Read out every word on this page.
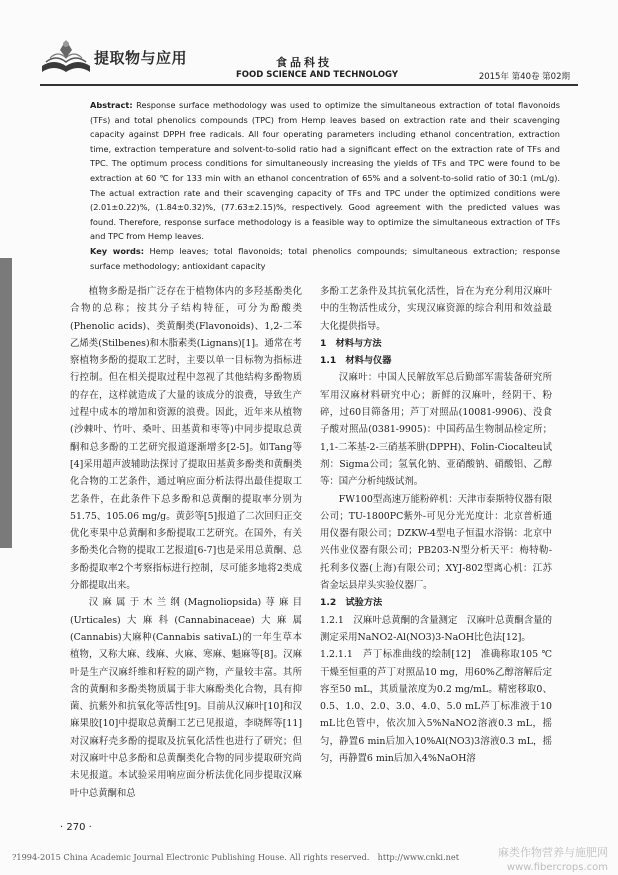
提取物与应用	食品科技
FOOD SCIENCE AND TECHNOLOGY	2015年 第40卷 第02期

Abstract: Response surface methodology was used to optimize the simultaneous extraction of total flavonoids (TFs) and total phenolics compounds (TPC) from Hemp leaves based on extraction rate and their scavenging capacity against DPPH free radicals. All four operating parameters including ethanol concentration, extraction time, extraction temperature and solvent-to-solid ratio had a significant effect on the extraction rate of TFs and TPC. The optimum process conditions for simultaneously increasing the yields of TFs and TPC were found to be extraction at 60 ℃ for 133 min with an ethanol concentration of 65% and a solvent-to-solid ratio of 30:1 (mL/g). The actual extraction rate and their scavenging capacity of TFs and TPC under the optimized conditions were (2.01±0.22)%, (1.84±0.32)%, (77.63±2.15)%, respectively. Good agreement with the predicted values was found. Therefore, response surface methodology is a feasible way to optimize the simultaneous extraction of TFs and TPC from Hemp leaves.

Key words: Hemp leaves; total flavonoids; total phenolics compounds; simultaneous extraction; response surface methodology; antioxidant capacity

植物多酚是指广泛存在于植物体内的多羟基酚类化合物的总称；按其分子结构特征，可分为酚酸类(Phenolic acids)、类黄酮类(Flavonoids)、1,2-二苯乙烯类(Stilbenes)和木脂素类(Lignans)[1]。通常在考察植物多酚的提取工艺时，主要以单一目标物为指标进行控制。但在相关提取过程中忽视了其他结构多酚物质的存在，这样就造成了大量的该成分的浪费，导致生产过程中成本的增加和资源的浪费。因此，近年来从植物(沙棘叶、竹叶、桑叶、田基黄和枣等)中同步提取总黄酮和总多酚的工艺研究报道逐渐增多[2-5]。如Tang等[4]采用超声波辅助法探讨了提取田基黄多酚类和黄酮类化合物的工艺条件，通过响应面分析法得出最佳提取工艺条件，在此条件下总多酚和总黄酮的提取率分别为51.75、105.06 mg/g。黄彭等[5]报道了二次回归正交优化枣果中总黄酮和多酚提取工艺研究。在国外，有关多酚类化合物的提取工艺报道[6-7]也是采用总黄酮、总多酚提取率2个考察指标进行控制，尽可能多地将2类成分都提取出来。

汉麻属于木兰纲(Magnoliopsida)荨麻目(Urticales)大麻科(Cannabinaceae)大麻属(Cannabis)大麻种(Cannabis sativaL)的一年生草本植物，又称大麻、线麻、火麻、寒麻、魁麻等[8]。汉麻叶是生产汉麻纤维和籽粒的副产物，产量较丰富。其所含的黄酮和多酚类物质属于非大麻酚类化合物，具有抑菌、抗紫外和抗氧化等活性[9]。目前从汉麻叶[10]和汉麻果胶[10]中提取总黄酮工艺已见报道，李晓辉等[11]对汉麻籽壳多酚的提取及抗氧化活性也进行了研究；但对汉麻叶中总多酚和总黄酮类化合物的同步提取研究尚未见报道。本试验采用响应面分析法优化同步提取汉麻叶中总黄酮和总

多酚工艺条件及其抗氧化活性，旨在为充分利用汉麻叶中的生物活性成分，实现汉麻资源的综合利用和效益最大化提供指导。

1　材料与方法

1.1　材料与仪器

汉麻叶：中国人民解放军总后勤部军需装备研究所军用汉麻材料研究中心；新鲜的汉麻叶，经阴干、粉碎，过60目筛备用；芦丁对照品(10081-9906)、没食子酸对照品(0381-9905)：中国药品生物制品检定所；1,1-二苯基-2-三硝基苯肼(DPPH)、Folin-Ciocalteu试剂：Sigma公司；氢氧化钠、亚硝酸钠、硝酸铝、乙醇等：国产分析纯级试剂。

FW100型高速万能粉碎机：天津市泰斯特仪器有限公司；TU-1800PC紫外-可见分光光度计：北京普析通用仪器有限公司；DZKW-4型电子恒温水浴锅：北京中兴伟业仪器有限公司；PB203-N型分析天平：梅特勒-托利多仪器(上海)有限公司；XYJ-802型离心机：江苏省金坛县岸头实验仪器厂。

1.2　试验方法

1.2.1　汉麻叶总黄酮的含量测定　汉麻叶总黄酮含量的测定采用NaNO2-Al(NO3)3-NaOH比色法[12]。

1.2.1.1　芦丁标准曲线的绘制[12]　准确称取105 ℃干燥至恒重的芦丁对照品10 mg，用60%乙醇溶解后定容至50 mL，其质量浓度为0.2 mg/mL。精密移取0、0.5、1.0、2.0、3.0、4.0、5.0 mL芦丁标准液于10 mL比色管中，依次加入5%NaNO2溶液0.3 mL，摇匀，静置6 min后加入10%Al(NO3)3溶液0.3 mL，摇匀，再静置6 min后加入4%NaOH溶

· 270 ·
?1994-2015 China Academic Journal Electronic Publishing House. All rights reserved.　http://www.cnki.net	麻类作物营养与施肥网
www.fibercrops.com
